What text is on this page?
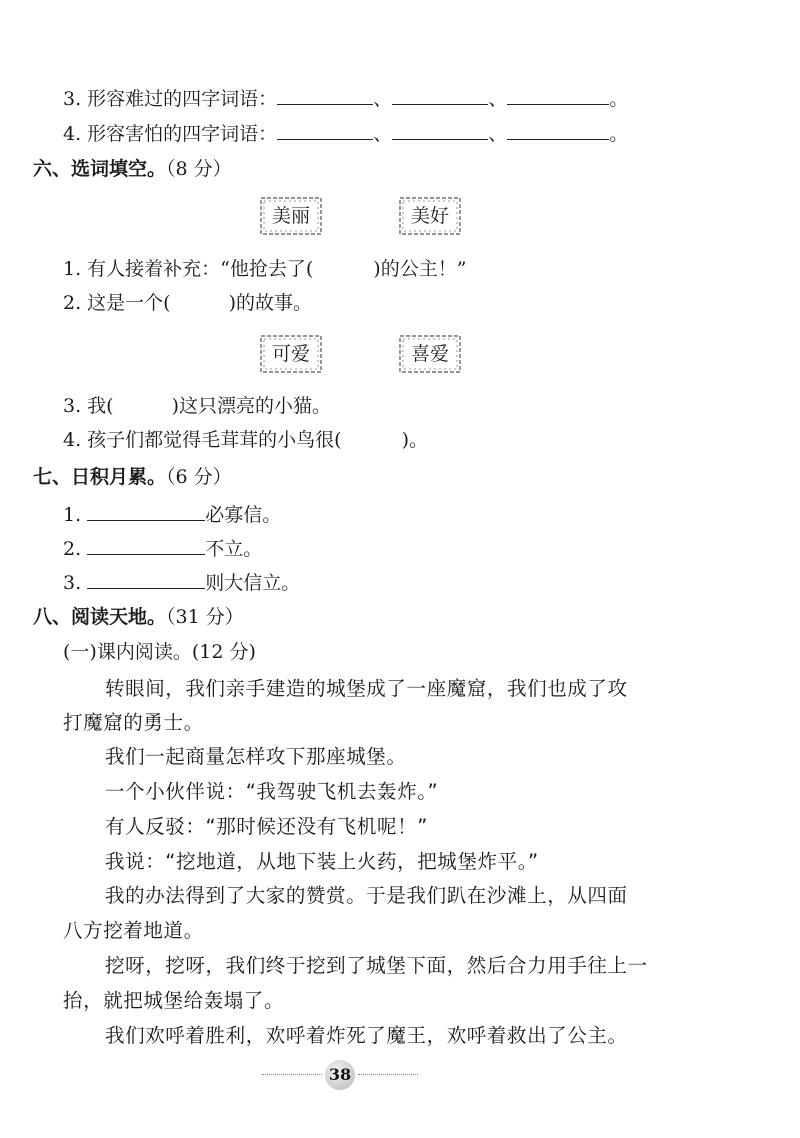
3. 形容难过的四字词语：	、	、	。
4. 形容害怕的四字词语：	、	、	。
六、选词填空。（8 分）
美丽	美好
1. 有人接着补充：“他抢去了(	)的公主！”
2. 这是一个(	)的故事。
可爱	喜爱
3. 我(	)这只漂亮的小猫。
4. 孩子们都觉得毛茸茸的小鸟很(	)。
七、日积月累。（6 分）
1.	必寡信。
2.	不立。
3.	则大信立。
八、阅读天地。（31 分）
(一)课内阅读。(12 分)
转眼间，我们亲手建造的城堡成了一座魔窟，我们也成了攻
打魔窟的勇士。
我们一起商量怎样攻下那座城堡。
一个小伙伴说：“我驾驶飞机去轰炸。”
有人反驳：“那时候还没有飞机呢！”
我说：“挖地道，从地下装上火药，把城堡炸平。”
我的办法得到了大家的赞赏。于是我们趴在沙滩上，从四面
八方挖着地道。
挖呀，挖呀，我们终于挖到了城堡下面，然后合力用手往上一
抬，就把城堡给轰塌了。
我们欢呼着胜利，欢呼着炸死了魔王，欢呼着救出了公主。
38
